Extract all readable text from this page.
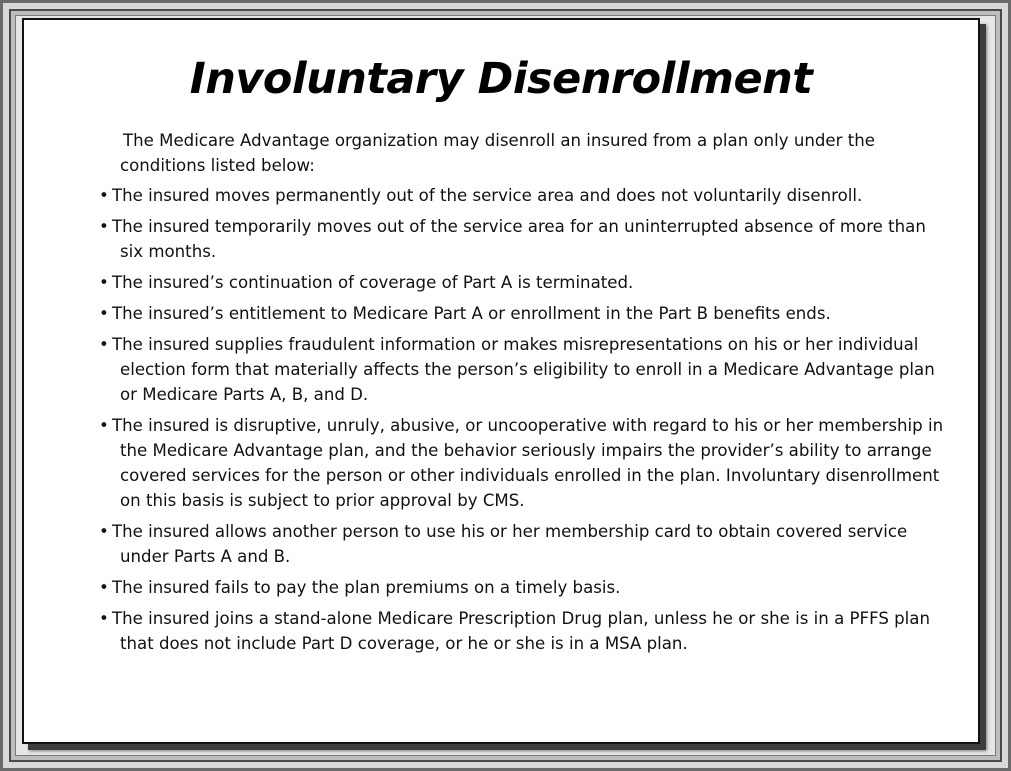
Involuntary Disenrollment

The Medicare Advantage organization may disenroll an insured from a plan only under the conditions listed below:

• The insured moves permanently out of the service area and does not voluntarily disenroll.
• The insured temporarily moves out of the service area for an uninterrupted absence of more than six months.
• The insured’s continuation of coverage of Part A is terminated.
• The insured’s entitlement to Medicare Part A or enrollment in the Part B benefits ends.
• The insured supplies fraudulent information or makes misrepresentations on his or her individual election form that materially affects the person’s eligibility to enroll in a Medicare Advantage plan or Medicare Parts A, B, and D.
• The insured is disruptive, unruly, abusive, or uncooperative with regard to his or her membership in the Medicare Advantage plan, and the behavior seriously impairs the provider’s ability to arrange covered services for the person or other individuals enrolled in the plan. Involuntary disenrollment on this basis is subject to prior approval by CMS.
• The insured allows another person to use his or her membership card to obtain covered service under Parts A and B.
• The insured fails to pay the plan premiums on a timely basis.
• The insured joins a stand-alone Medicare Prescription Drug plan, unless he or she is in a PFFS plan that does not include Part D coverage, or he or she is in a MSA plan.
